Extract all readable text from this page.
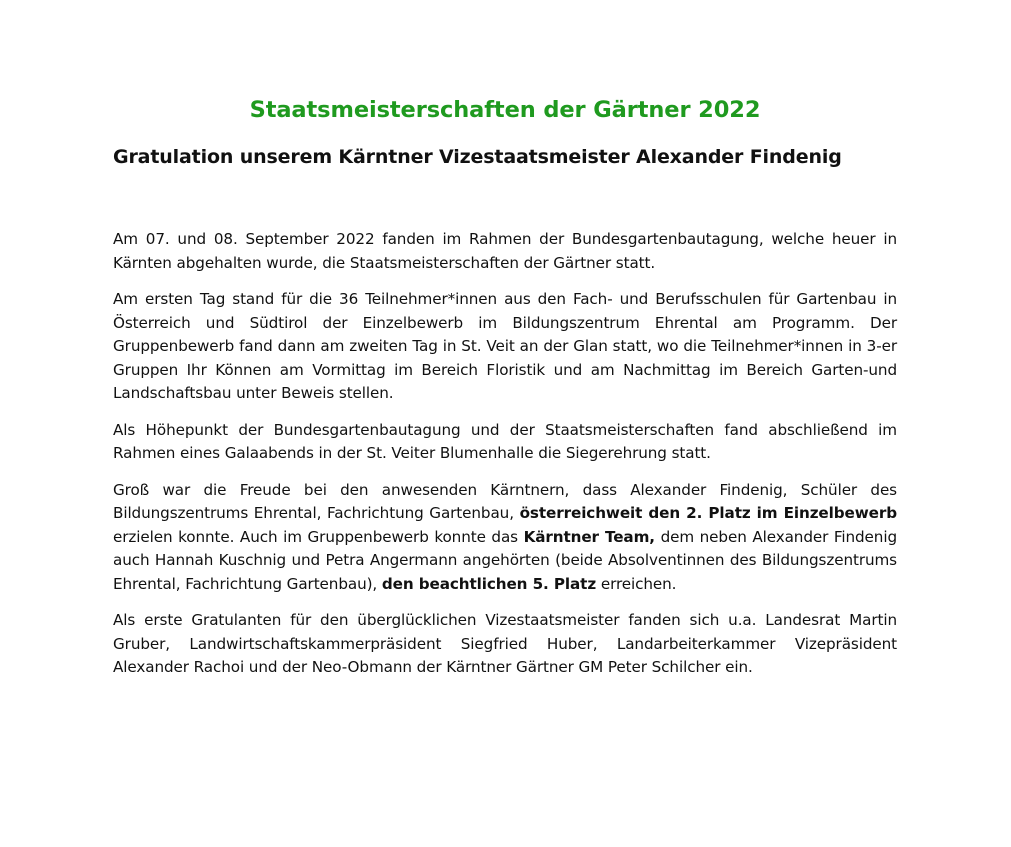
Staatsmeisterschaften der Gärtner 2022
Gratulation unserem Kärntner Vizestaatsmeister Alexander Findenig

Am 07. und 08. September 2022 fanden im Rahmen der Bundesgartenbautagung, welche heuer in Kärnten abgehalten wurde, die Staatsmeisterschaften der Gärtner statt.

Am ersten Tag stand für die 36 Teilnehmer*innen aus den Fach- und Berufsschulen für Gartenbau in Österreich und Südtirol der Einzelbewerb im Bildungszentrum Ehrental am Programm. Der Gruppenbewerb fand dann am zweiten Tag in St. Veit an der Glan statt, wo die Teilnehmer*innen in 3-er Gruppen Ihr Können am Vormittag im Bereich Floristik und am Nachmittag im Bereich Garten-und Landschaftsbau unter Beweis stellen.

Als Höhepunkt der Bundesgartenbautagung und der Staatsmeisterschaften fand abschließend im Rahmen eines Galaabends in der St. Veiter Blumenhalle die Siegerehrung statt.

Groß war die Freude bei den anwesenden Kärntnern, dass Alexander Findenig, Schüler des Bildungszentrums Ehrental, Fachrichtung Gartenbau, österreichweit den 2. Platz im Einzelbewerb erzielen konnte. Auch im Gruppenbewerb konnte das Kärntner Team, dem neben Alexander Findenig auch Hannah Kuschnig und Petra Angermann angehörten (beide Absolventinnen des Bildungszentrums Ehrental, Fachrichtung Gartenbau), den beachtlichen 5. Platz erreichen.

Als erste Gratulanten für den überglücklichen Vizestaatsmeister fanden sich u.a. Landesrat Martin Gruber, Landwirtschaftskammerpräsident Siegfried Huber, Landarbeiterkammer Vizepräsident Alexander Rachoi und der Neo-Obmann der Kärntner Gärtner GM Peter Schilcher ein.
